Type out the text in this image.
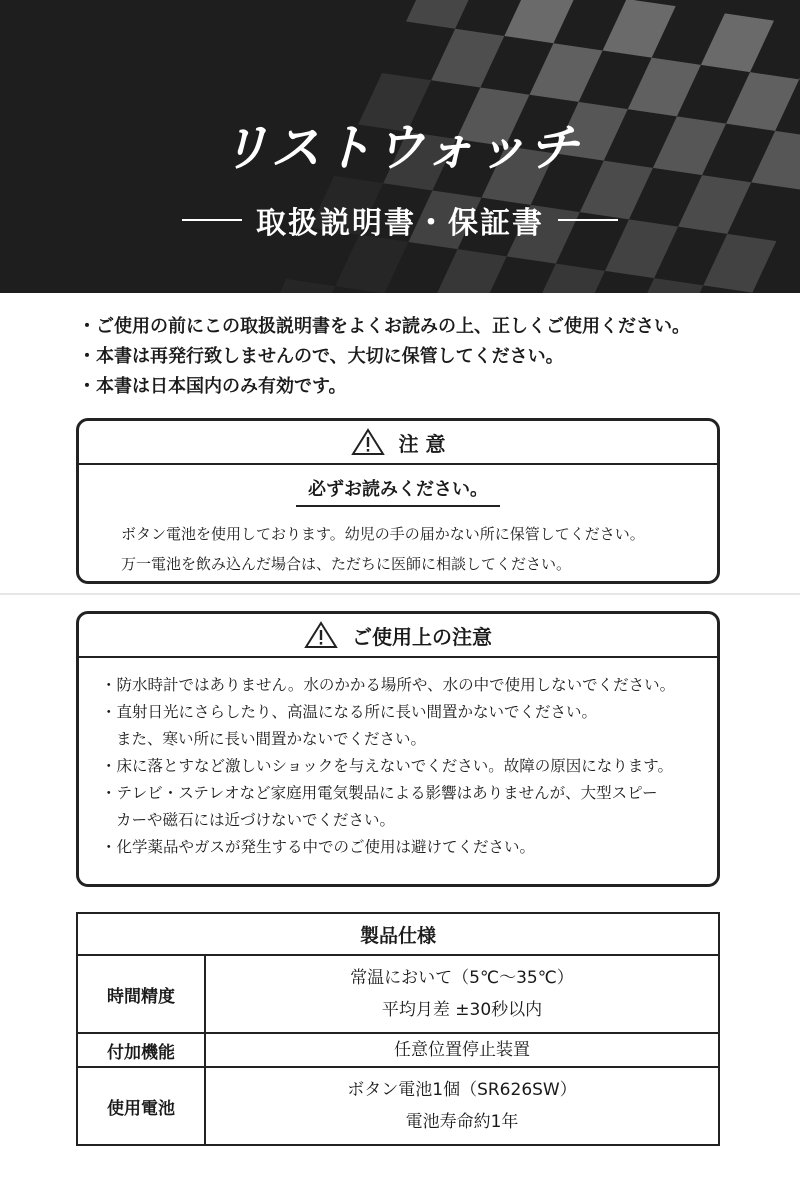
リストウォッチ
取扱説明書・保証書
・ご使用の前にこの取扱説明書をよくお読みの上、正しくご使用ください。
・本書は再発行致しませんので、大切に保管してください。
・本書は日本国内のみ有効です。
注 意
必ずお読みください。

ボタン電池を使用しております。幼児の手の届かない所に保管してください。

万一電池を飲み込んだ場合は、ただちに医師に相談してください。

ご使用上の注意
・防水時計ではありません。水のかかる場所や、水の中で使用しないでください。
・直射日光にさらしたり、高温になる所に長い間置かないでください。
また、寒い所に長い間置かないでください。
・床に落とすなど激しいショックを与えないでください。故障の原因になります。
・テレビ・ステレオなど家庭用電気製品による影響はありませんが、大型スピー
カーや磁石には近づけないでください。
・化学薬品やガスが発生する中でのご使用は避けてください。
製品仕様	
時間精度	常温において（5℃～35℃）
平均月差 ±30秒以内

付加機能	任意位置停止装置

使用電池	ボタン電池1個（SR626SW）
電池寿命約1年
